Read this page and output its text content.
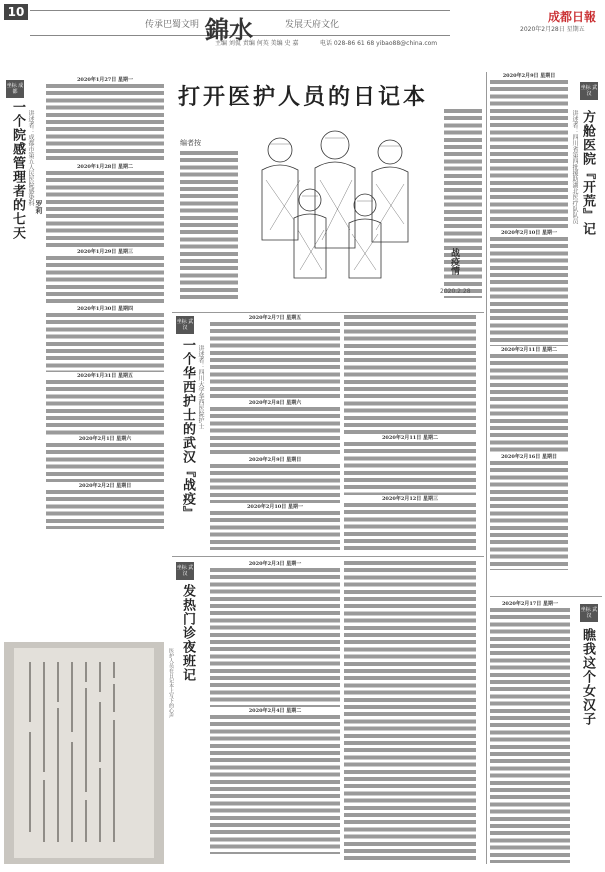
10
传承巴蜀文明 錦水	发展天府文化
主编 刘侃 责编 何英 美编 史 嘉	电话 028-86 61 68 yibao88@china.com
成都日報
2020年2月28日 星期五
坐标 成都
一个院感管理者的七天 讲述者：成都市第五人民医院感染科
罗莉
2020年1月27日 星期一
2020年1月28日 星期二
2020年1月29日 星期三
2020年1月30日 星期四
2020年1月31日 星期五
2020年2月1日 星期六
2020年2月2日 星期日
医护人员在日记本上写下的心声
打开医护人员的日记本
编者按
战疫情
2020.2.28
坐标 武汉
一个华西护士的武汉『战疫』 讲述者：四川大学华西医院护士
2020年2月7日 星期五
2020年2月8日 星期六
2020年2月9日 星期日
2020年2月10日 星期一
2020年2月11日 星期二
2020年2月12日 星期三
坐标 武汉
发热门诊夜班记
2020年2月3日 星期一
2020年2月4日 星期二
2020年2月9日 星期日
2020年2月10日 星期一
2020年2月11日 星期二
2020年2月16日 星期日
方舱医院『开荒』记
讲述者：四川省第四批援助湖北医疗队队员
坐标 武汉
2020年2月17日 星期一
坐标 武汉
瞧我这个女汉子
